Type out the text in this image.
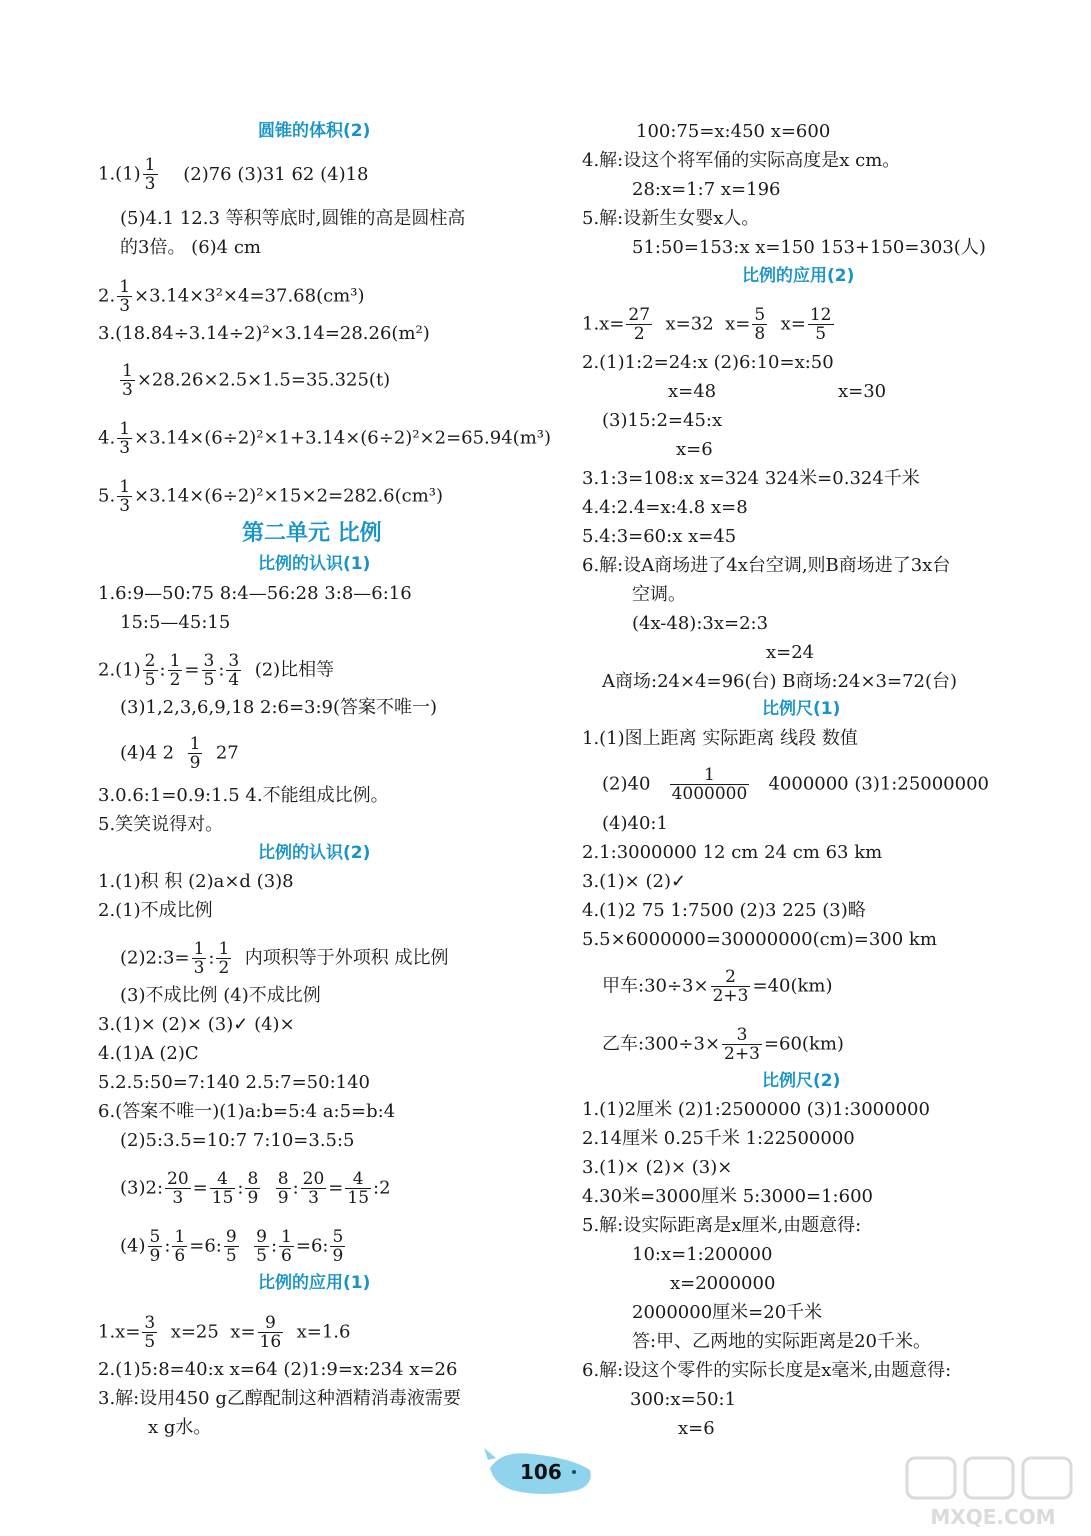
圆锥的体积(2)
$1.(1) \frac{1}{3} (2)76$ (3)31 62 (4)18
(5)4.1 12.3 等积等底时,圆锥的高是圆柱高
的3倍。 (6)4 cm
2. $\frac{1}{3} \times 3.14\times 3^2\times 4=37.68(cm^3)$
3.(18.84÷3.14÷2)²×3.14=28.26(m²)
$\frac{1}{3} \times 28.26\times 2.5\times 1.5=35.325(t)$
4. $\frac{1}{3} \times 3.14\times(6\div 2)^2\times 1+3.14\times(6\div 2)^2\times 2=65.94(m^3)$
5. $\frac{1}{3} \times 3.14\times(6\div 2)^2\times 15\times 2=282.6(cm^3)$
第二单元 比例
比例的认识(1)
1.6:9—50:75 8:4—56:28 3:8—6:16
15:5—45:15
$2.(1) \frac{2}{5}$ : $\frac{1}{2} = \frac{3}{5}$ : $\frac{3}{4} (2)$比相等
(3)1,2,3,6,9,18 2:6=3:9(答案不唯一)
(4)4 $2 \frac{1}{9} 27$
3.0.6:1=0.9:1.5 4.不能组成比例。
5.笑笑说得对。
比例的认识(2)
1.(1)积 积 (2)a×d (3)8
2.(1)不成比例
(2)2:3= $\frac{1}{3}$ : $\frac{1}{2}$ 内项积等于外项积 成比例
(3)不成比例 (4)不成比例
3.(1)× (2)× (3)✓ (4)×
4.(1)A (2)C
5.2.5:50=7:140 2.5:7=50:140
6.(答案不唯一)(1)a:b=5:4 a:5=b:4
(2)5:3.5=10:7 7:10=3.5:5
(3)2: $\frac{20}{3} = \frac{4}{15}$ : $\frac{8}{9}$
$\frac{8}{9}$ : $\frac{20}{3} = \frac{4}{15}$ :2
$(4) \frac{5}{9}$ : $\frac{1}{6} =6$: $\frac{9}{5}$
$\frac{9}{5}$ : $\frac{1}{6} =6$: $\frac{5}{9}$
比例的应用(1)
$1.x= \frac{3}{5} x=25$  $x= \frac{9}{16} x=1.6$
2.(1)5:8=40:x x=64 (2)1:9=x:234 x=26
3.解:设用450 g乙醇配制这种酒精消毒液需要
x g水。
100:75=x:450 x=600
4.解:设这个将军俑的实际高度是x cm。
28:x=1:7 x=196
5.解:设新生女婴x人。
51:50=153:x x=150 153+150=303(人)
比例的应用(2)
$1.x= \frac{27}{2} x=32$  $x= \frac{5}{8} x= \frac{12}{5}$
2.(1)1:2=24:x (2)6:10=x:50
x=48	x=30
(3)15:2=45:x
x=6
3.1:3=108:x x=324 324米=0.324千米
4.4:2.4=x:4.8 x=8
5.4:3=60:x x=45
6.解:设A商场进了4x台空调,则B商场进了3x台
空调。
(4x-48):3x=2:3
x=24
A商场:24×4=96(台) B商场:24×3=72(台)
比例尺(1)
1.(1)图上距离 实际距离 线段 数值
$(2)40 \frac{1}{4000000} 4000000$ (3)1:25000000
(4)40:1
2.1:3000000 12 cm 24 cm 63 km
3.(1)× (2)✓
4.(1)2 75 1:7500 (2)3 225 (3)略
5.5×6000000=30000000(cm)=300 km
甲车:30÷3× $\frac{2}{2+3} =40(km)$
乙车:300÷3× $\frac{3}{2+3} =60(km)$
比例尺(2)
1.(1)2厘米 (2)1:2500000 (3)1:3000000
2.14厘米 0.25千米 1:22500000
3.(1)× (2)× (3)×
4.30米=3000厘米 5:3000=1:600
5.解:设实际距离是x厘米,由题意得:
10:x=1:200000
x=2000000
2000000厘米=20千米
答:甲、乙两地的实际距离是20千米。
6.解:设这个零件的实际长度是x毫米,由题意得:
300:x=50:1
x=6
106
MXQE.COM
